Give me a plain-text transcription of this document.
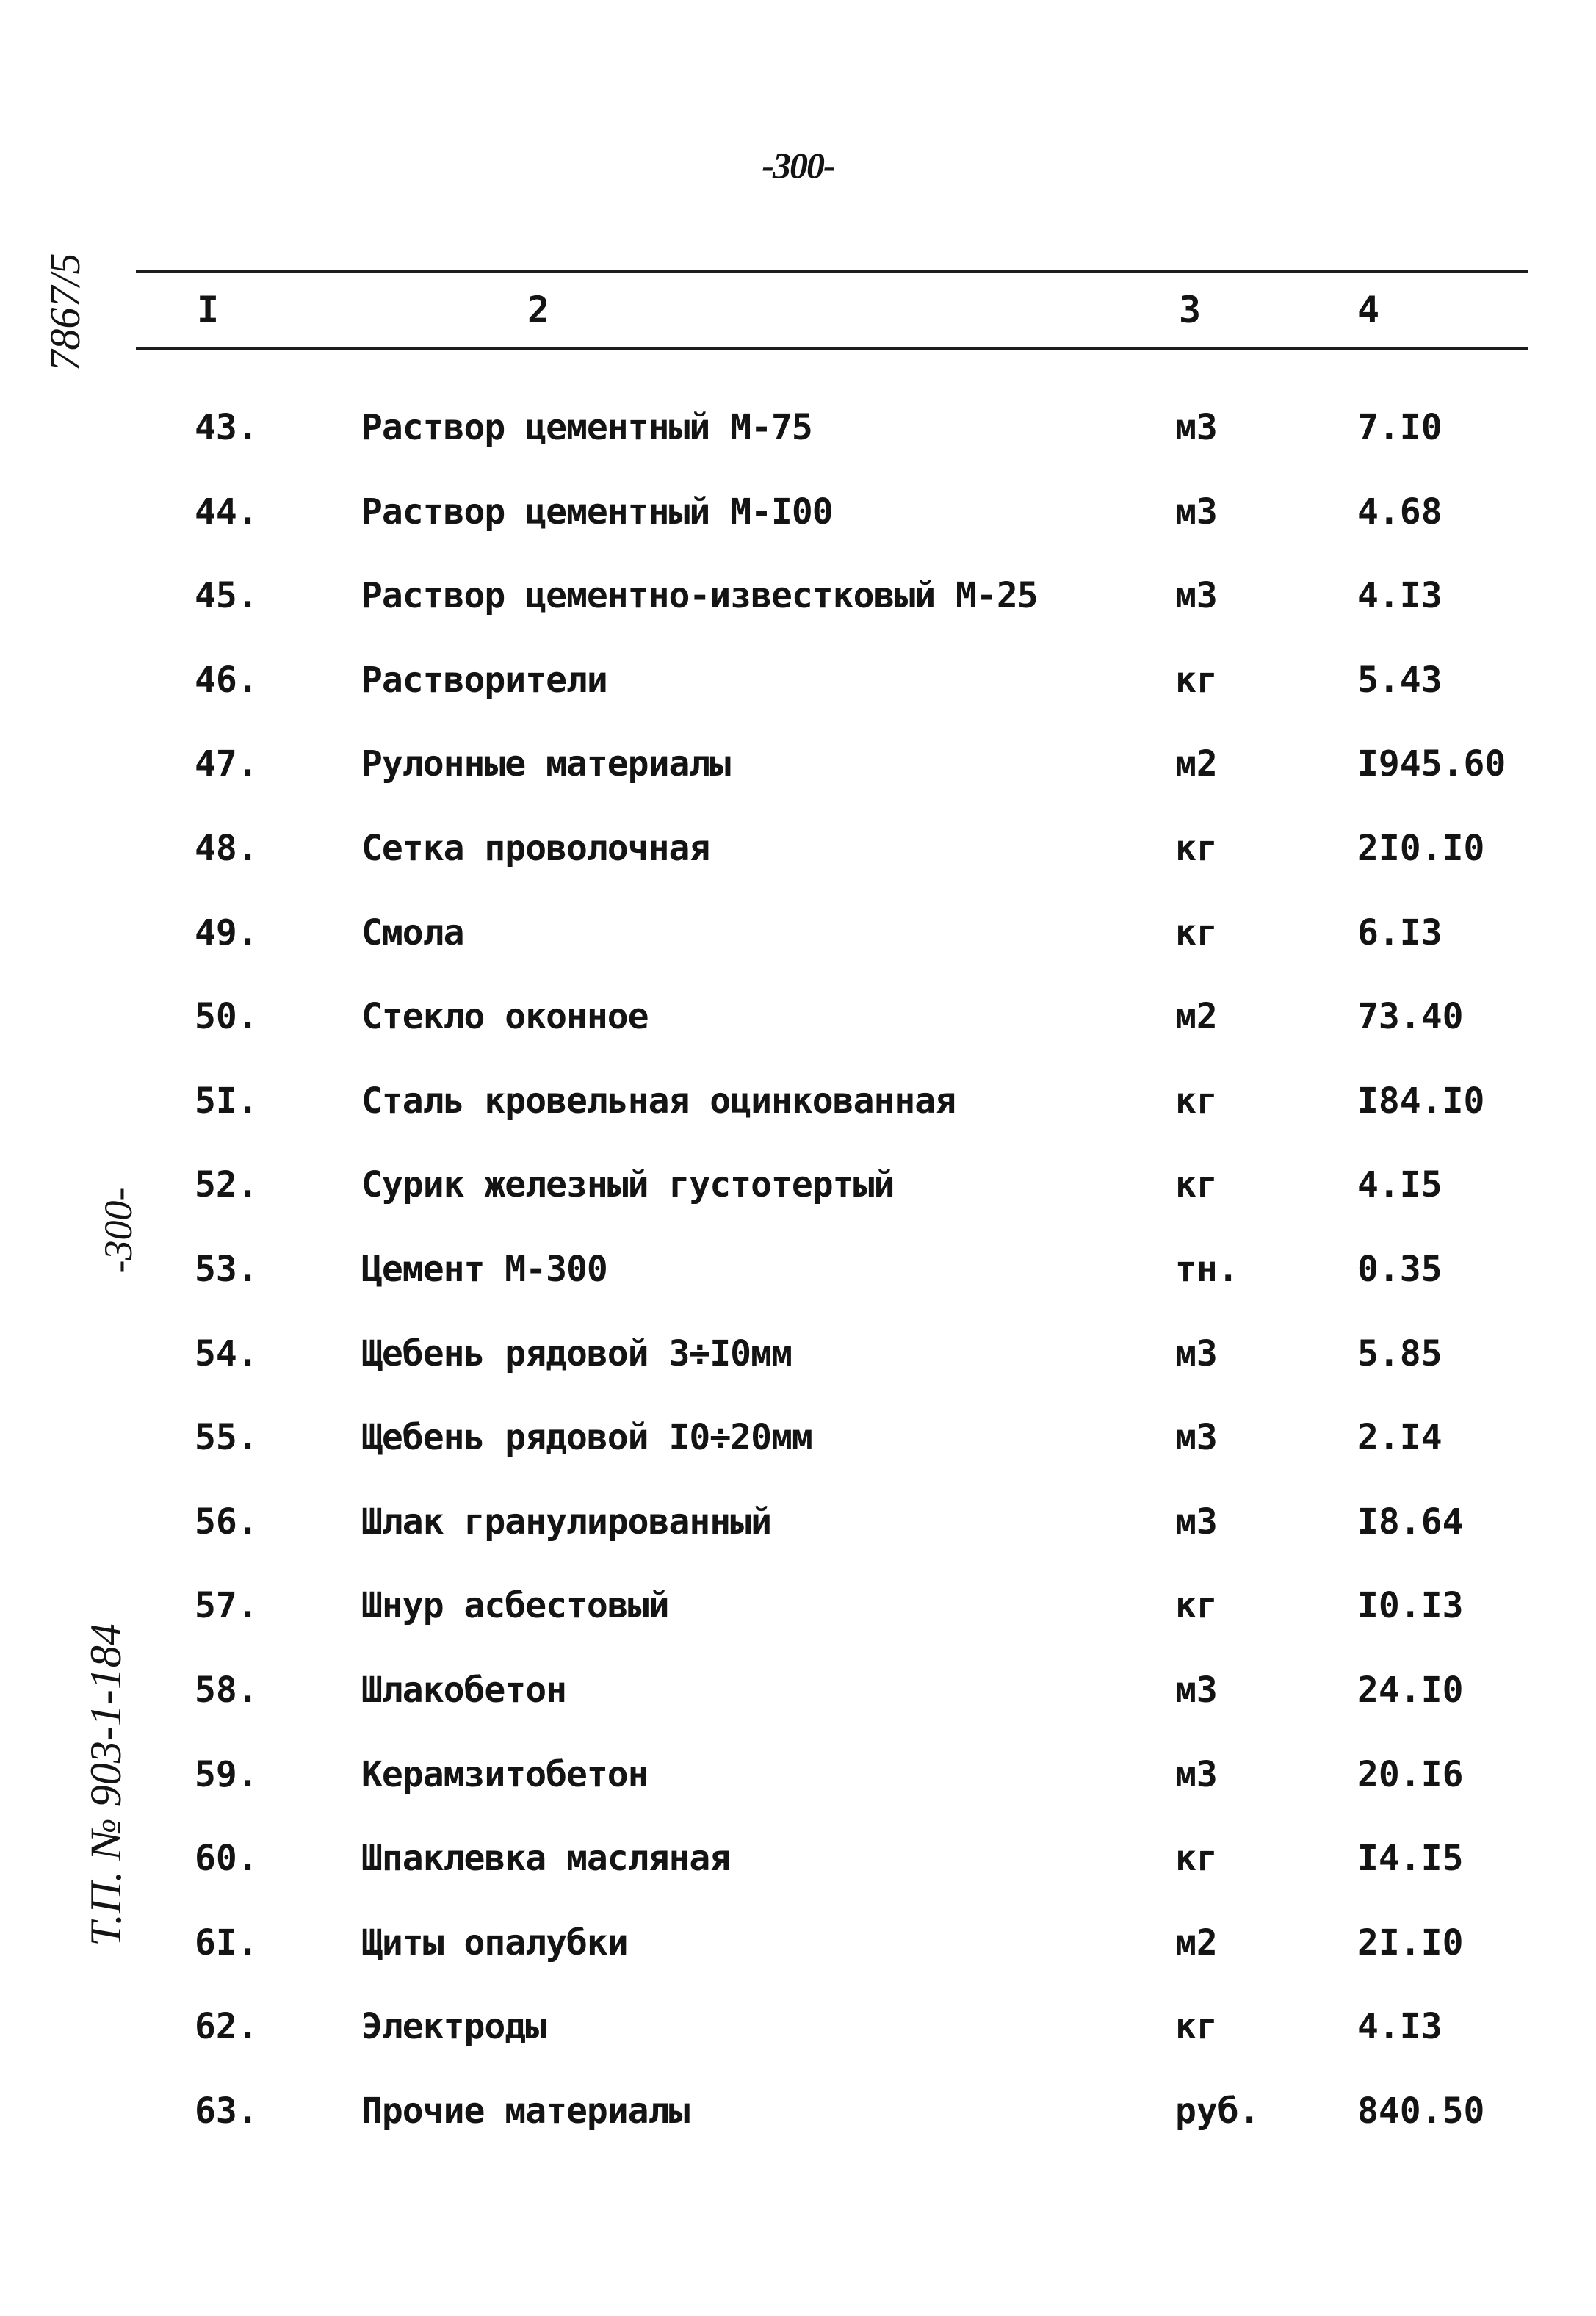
-300-
7867/5
-300-
Т.П. № 903-1-184
I	2	3	4
43.	Раствор цементный М-75	м3	7.I0
44.	Раствор цементный М-I00	м3	4.68
45.	Раствор цементно-известковый М-25	м3	4.I3
46.	Растворители	кг	5.43
47.	Рулонные материалы	м2	I945.60
48.	Сетка проволочная	кг	2I0.I0
49.	Смола	кг	6.I3
50.	Стекло оконное	м2	73.40
5I.	Сталь кровельная оцинкованная	кг	I84.I0
52.	Сурик железный густотертый	кг	4.I5
53.	Цемент М-300	тн.	0.35
54.	Щебень рядовой 3÷I0мм	м3	5.85
55.	Щебень рядовой I0÷20мм	м3	2.I4
56.	Шлак гранулированный	м3	I8.64
57.	Шнур асбестовый	кг	I0.I3
58.	Шлакобетон	м3	24.I0
59.	Керамзитобетон	м3	20.I6
60.	Шпаклевка масляная	кг	I4.I5
6I.	Щиты опалубки	м2	2I.I0
62.	Электроды	кг	4.I3
63.	Прочие материалы	руб.	840.50
